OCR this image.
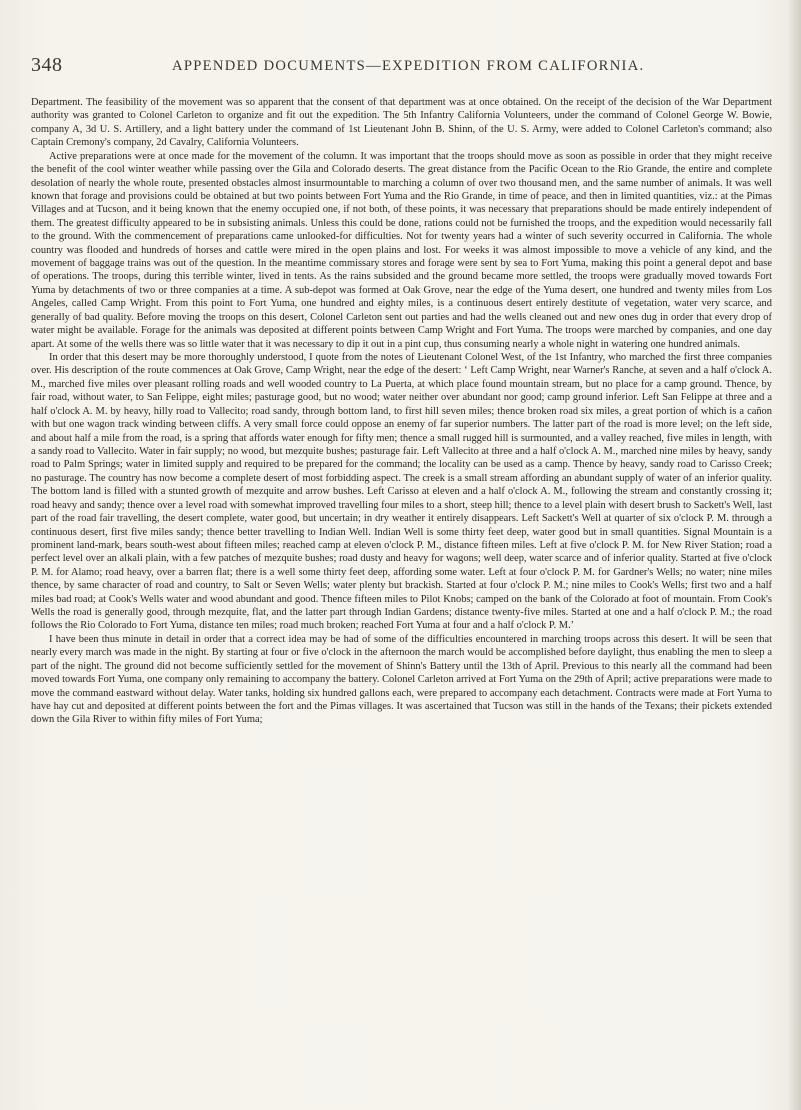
348	APPENDED DOCUMENTS—EXPEDITION FROM CALIFORNIA.

Department. The feasibility of the movement was so apparent that the consent of that department was at once obtained. On the receipt of the decision of the War Department authority was granted to Colonel Carleton to organize and fit out the expedition. The 5th Infantry California Volunteers, under the command of Colonel George W. Bowie, company A, 3d U. S. Artillery, and a light battery under the command of 1st Lieutenant John B. Shinn, of the U. S. Army, were added to Colonel Carleton's command; also Captain Cremony's company, 2d Cavalry, California Volunteers.

Active preparations were at once made for the movement of the column. It was important that the troops should move as soon as possible in order that they might receive the benefit of the cool winter weather while passing over the Gila and Colorado deserts. The great distance from the Pacific Ocean to the Rio Grande, the entire and complete desolation of nearly the whole route, presented obstacles almost insurmountable to marching a column of over two thousand men, and the same number of animals. It was well known that forage and provisions could be obtained at but two points between Fort Yuma and the Rio Grande, in time of peace, and then in limited quantities, viz.: at the Pimas Villages and at Tucson, and it being known that the enemy occupied one, if not both, of these points, it was necessary that preparations should be made entirely independent of them. The greatest difficulty appeared to be in subsisting animals. Unless this could be done, rations could not be furnished the troops, and the expedition would necessarily fall to the ground. With the commencement of preparations came unlooked-for difficulties. Not for twenty years had a winter of such severity occurred in California. The whole country was flooded and hundreds of horses and cattle were mired in the open plains and lost. For weeks it was almost impossible to move a vehicle of any kind, and the movement of baggage trains was out of the question. In the meantime commissary stores and forage were sent by sea to Fort Yuma, making this point a general depot and base of operations. The troops, during this terrible winter, lived in tents. As the rains subsided and the ground became more settled, the troops were gradually moved towards Fort Yuma by detachments of two or three companies at a time. A sub-depot was formed at Oak Grove, near the edge of the Yuma desert, one hundred and twenty miles from Los Angeles, called Camp Wright. From this point to Fort Yuma, one hundred and eighty miles, is a continuous desert entirely destitute of vegetation, water very scarce, and generally of bad quality. Before moving the troops on this desert, Colonel Carleton sent out parties and had the wells cleaned out and new ones dug in order that every drop of water might be available. Forage for the animals was deposited at different points between Camp Wright and Fort Yuma. The troops were marched by companies, and one day apart. At some of the wells there was so little water that it was necessary to dip it out in a pint cup, thus consuming nearly a whole night in watering one hundred animals.

In order that this desert may be more thoroughly understood, I quote from the notes of Lieutenant Colonel West, of the 1st Infantry, who marched the first three companies over. His description of the route commences at Oak Grove, Camp Wright, near the edge of the desert: ‘ Left Camp Wright, near Warner's Ranche, at seven and a half o'clock A. M., marched five miles over pleasant rolling roads and well wooded country to La Puerta, at which place found mountain stream, but no place for a camp ground. Thence, by fair road, without water, to San Felippe, eight miles; pasturage good, but no wood; water neither over abundant nor good; camp ground inferior. Left San Felippe at three and a half o'clock A. M. by heavy, hilly road to Vallecito; road sandy, through bottom land, to first hill seven miles; thence broken road six miles, a great portion of which is a cañon with but one wagon track winding between cliffs. A very small force could oppose an enemy of far superior numbers. The latter part of the road is more level; on the left side, and about half a mile from the road, is a spring that affords water enough for fifty men; thence a small rugged hill is surmounted, and a valley reached, five miles in length, with a sandy road to Vallecito. Water in fair supply; no wood, but mezquite bushes; pasturage fair. Left Vallecito at three and a half o'clock A. M., marched nine miles by heavy, sandy road to Palm Springs; water in limited supply and required to be prepared for the command; the locality can be used as a camp. Thence by heavy, sandy road to Carisso Creek; no pasturage. The country has now become a complete desert of most forbidding aspect. The creek is a small stream affording an abundant supply of water of an inferior quality. The bottom land is filled with a stunted growth of mezquite and arrow bushes. Left Carisso at eleven and a half o'clock A. M., following the stream and constantly crossing it; road heavy and sandy; thence over a level road with somewhat improved travelling four miles to a short, steep hill; thence to a level plain with desert brush to Sackett's Well, last part of the road fair travelling, the desert complete, water good, but uncertain; in dry weather it entirely disappears. Left Sackett's Well at quarter of six o'clock P. M. through a continuous desert, first five miles sandy; thence better travelling to Indian Well. Indian Well is some thirty feet deep, water good but in small quantities. Signal Mountain is a prominent land-mark, bears south-west about fifteen miles; reached camp at eleven o'clock P. M., distance fifteen miles. Left at five o'clock P. M. for New River Station; road a perfect level over an alkali plain, with a few patches of mezquite bushes; road dusty and heavy for wagons; well deep, water scarce and of inferior quality. Started at five o'clock P. M. for Alamo; road heavy, over a barren flat; there is a well some thirty feet deep, affording some water. Left at four o'clock P. M. for Gardner's Wells; no water; nine miles thence, by same character of road and country, to Salt or Seven Wells; water plenty but brackish. Started at four o'clock P. M.; nine miles to Cook's Wells; first two and a half miles bad road; at Cook's Wells water and wood abundant and good. Thence fifteen miles to Pilot Knobs; camped on the bank of the Colorado at foot of mountain. From Cook's Wells the road is generally good, through mezquite, flat, and the latter part through Indian Gardens; distance twenty-five miles. Started at one and a half o'clock P. M.; the road follows the Rio Colorado to Fort Yuma, distance ten miles; road much broken; reached Fort Yuma at four and a half o'clock P. M.’

I have been thus minute in detail in order that a correct idea may be had of some of the difficulties encountered in marching troops across this desert. It will be seen that nearly every march was made in the night. By starting at four or five o'clock in the afternoon the march would be accomplished before daylight, thus enabling the men to sleep a part of the night. The ground did not become sufficiently settled for the movement of Shinn's Battery until the 13th of April. Previous to this nearly all the command had been moved towards Fort Yuma, one company only remaining to accompany the battery. Colonel Carleton arrived at Fort Yuma on the 29th of April; active preparations were made to move the command eastward without delay. Water tanks, holding six hundred gallons each, were prepared to accompany each detachment. Contracts were made at Fort Yuma to have hay cut and deposited at different points between the fort and the Pimas villages. It was ascertained that Tucson was still in the hands of the Texans; their pickets extended down the Gila River to within fifty miles of Fort Yuma;
